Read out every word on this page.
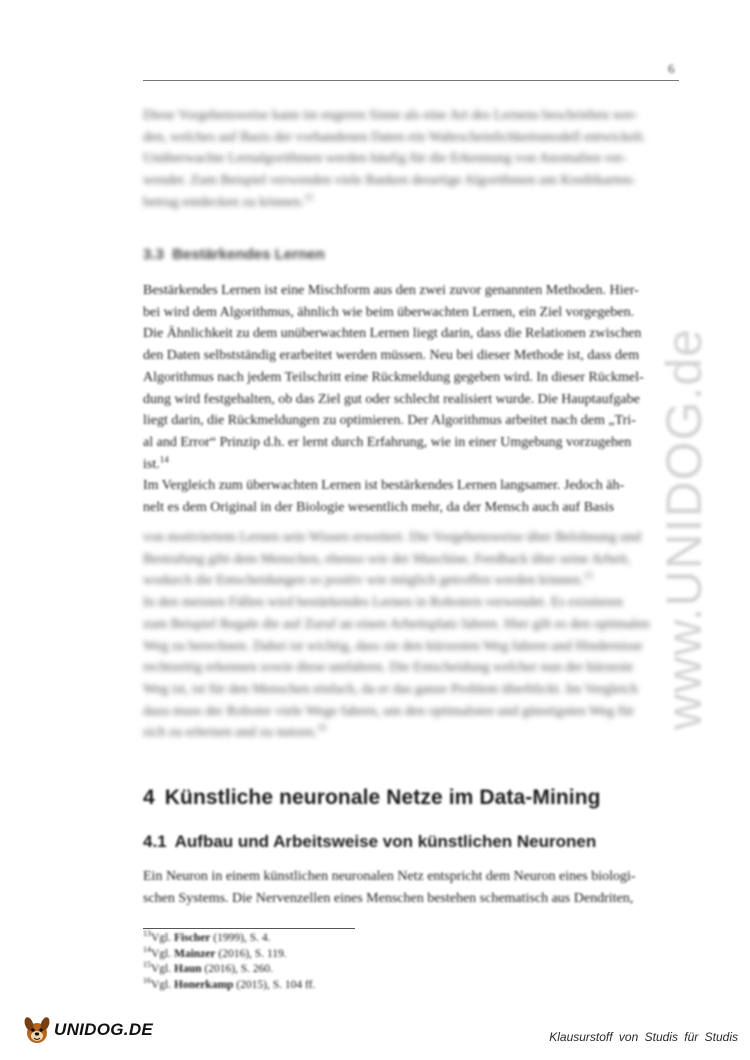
6
www.UNIDOG.de
Diese Vorgehensweise kann im engeren Sinne als eine Art des Lernens beschrieben wer-
den, welches auf Basis der vorhandenen Daten ein Wahrscheinlichkeitsmodell entwickelt.
Unüberwachte Lernalgorithmen werden häufig für die Erkennung von Anomalien ver-
wendet. Zum Beispiel verwenden viele Banken derartige Algorithmen um Kreditkarten-
betrug entdecken zu können.$^{13}$
3.3 Bestärkendes Lernen
Bestärkendes Lernen ist eine Mischform aus den zwei zuvor genannten Methoden. Hier-
bei wird dem Algorithmus, ähnlich wie beim überwachten Lernen, ein Ziel vorgegeben.
Die Ähnlichkeit zu dem unüberwachten Lernen liegt darin, dass die Relationen zwischen
den Daten selbstständig erarbeitet werden müssen. Neu bei dieser Methode ist, dass dem
Algorithmus nach jedem Teilschritt eine Rückmeldung gegeben wird. In dieser Rückmel-
dung wird festgehalten, ob das Ziel gut oder schlecht realisiert wurde. Die Hauptaufgabe
liegt darin, die Rückmeldungen zu optimieren. Der Algorithmus arbeitet nach dem „Tri-
al and Error“ Prinzip d.h. er lernt durch Erfahrung, wie in einer Umgebung vorzugehen
ist.$^{14}$
Im Vergleich zum überwachten Lernen ist bestärkendes Lernen langsamer. Jedoch äh-
nelt es dem Original in der Biologie wesentlich mehr, da der Mensch auch auf Basis
von motiviertem Lernen sein Wissen erweitert. Die Vorgehensweise über Belohnung und
Bestrafung gibt dem Menschen, ebenso wie der Maschine, Feedback über seine Arbeit,
wodurch die Entscheidungen so positiv wie möglich getroffen werden können.$^{15}$
In den meisten Fällen wird bestärkendes Lernen in Robotern verwendet. Es existieren
zum Beispiel Regale die auf Zuruf an einen Arbeitsplatz fahren. Hier gilt es den optimalen
Weg zu berechnen. Dabei ist wichtig, dass sie den kürzesten Weg fahren und Hindernisse
rechtzeitig erkennen sowie diese umfahren. Die Entscheidung welcher nun der kürzeste
Weg ist, ist für den Menschen einfach, da er das ganze Problem überblickt. Im Vergleich
dazu muss der Roboter viele Wege fahren, um den optimalsten und günstigsten Weg für
sich zu erlernen und zu nutzen.$^{16}$
4 Künstliche neuronale Netze im Data-Mining
4.1 Aufbau und Arbeitsweise von künstlichen Neuronen
Ein Neuron in einem künstlichen neuronalen Netz entspricht dem Neuron eines biologi-
schen Systems. Die Nervenzellen eines Menschen bestehen schematisch aus Dendriten,
$^{13}$Vgl. Fischer (1999), S. 4.
$^{14}$Vgl. Mainzer (2016), S. 119.
$^{15}$Vgl. Haun (2016), S. 260.
$^{16}$Vgl. Honerkamp (2015), S. 104 ff.
UNIDOG.DE	Klausurstoff von Studis für Studis
